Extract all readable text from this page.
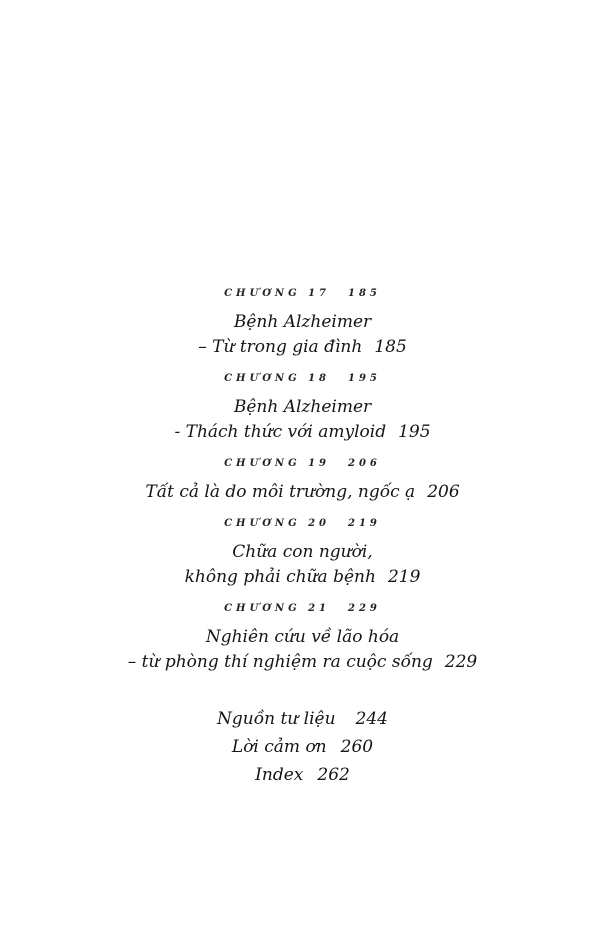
CHƯƠNG 17 185
Bệnh Alzheimer
– Từ trong gia đình 185
CHƯƠNG 18 195
Bệnh Alzheimer
- Thách thức với amyloid 195
CHƯƠNG 19 206
Tất cả là do môi trường, ngốc ạ 206
CHƯƠNG 20 219
Chữa con người,
không phải chữa bệnh 219
CHƯƠNG 21 229
Nghiên cứu về lão hóa
– từ phòng thí nghiệm ra cuộc sống 229
Nguồn tư liệu 244
Lời cảm ơn 260
Index 262
